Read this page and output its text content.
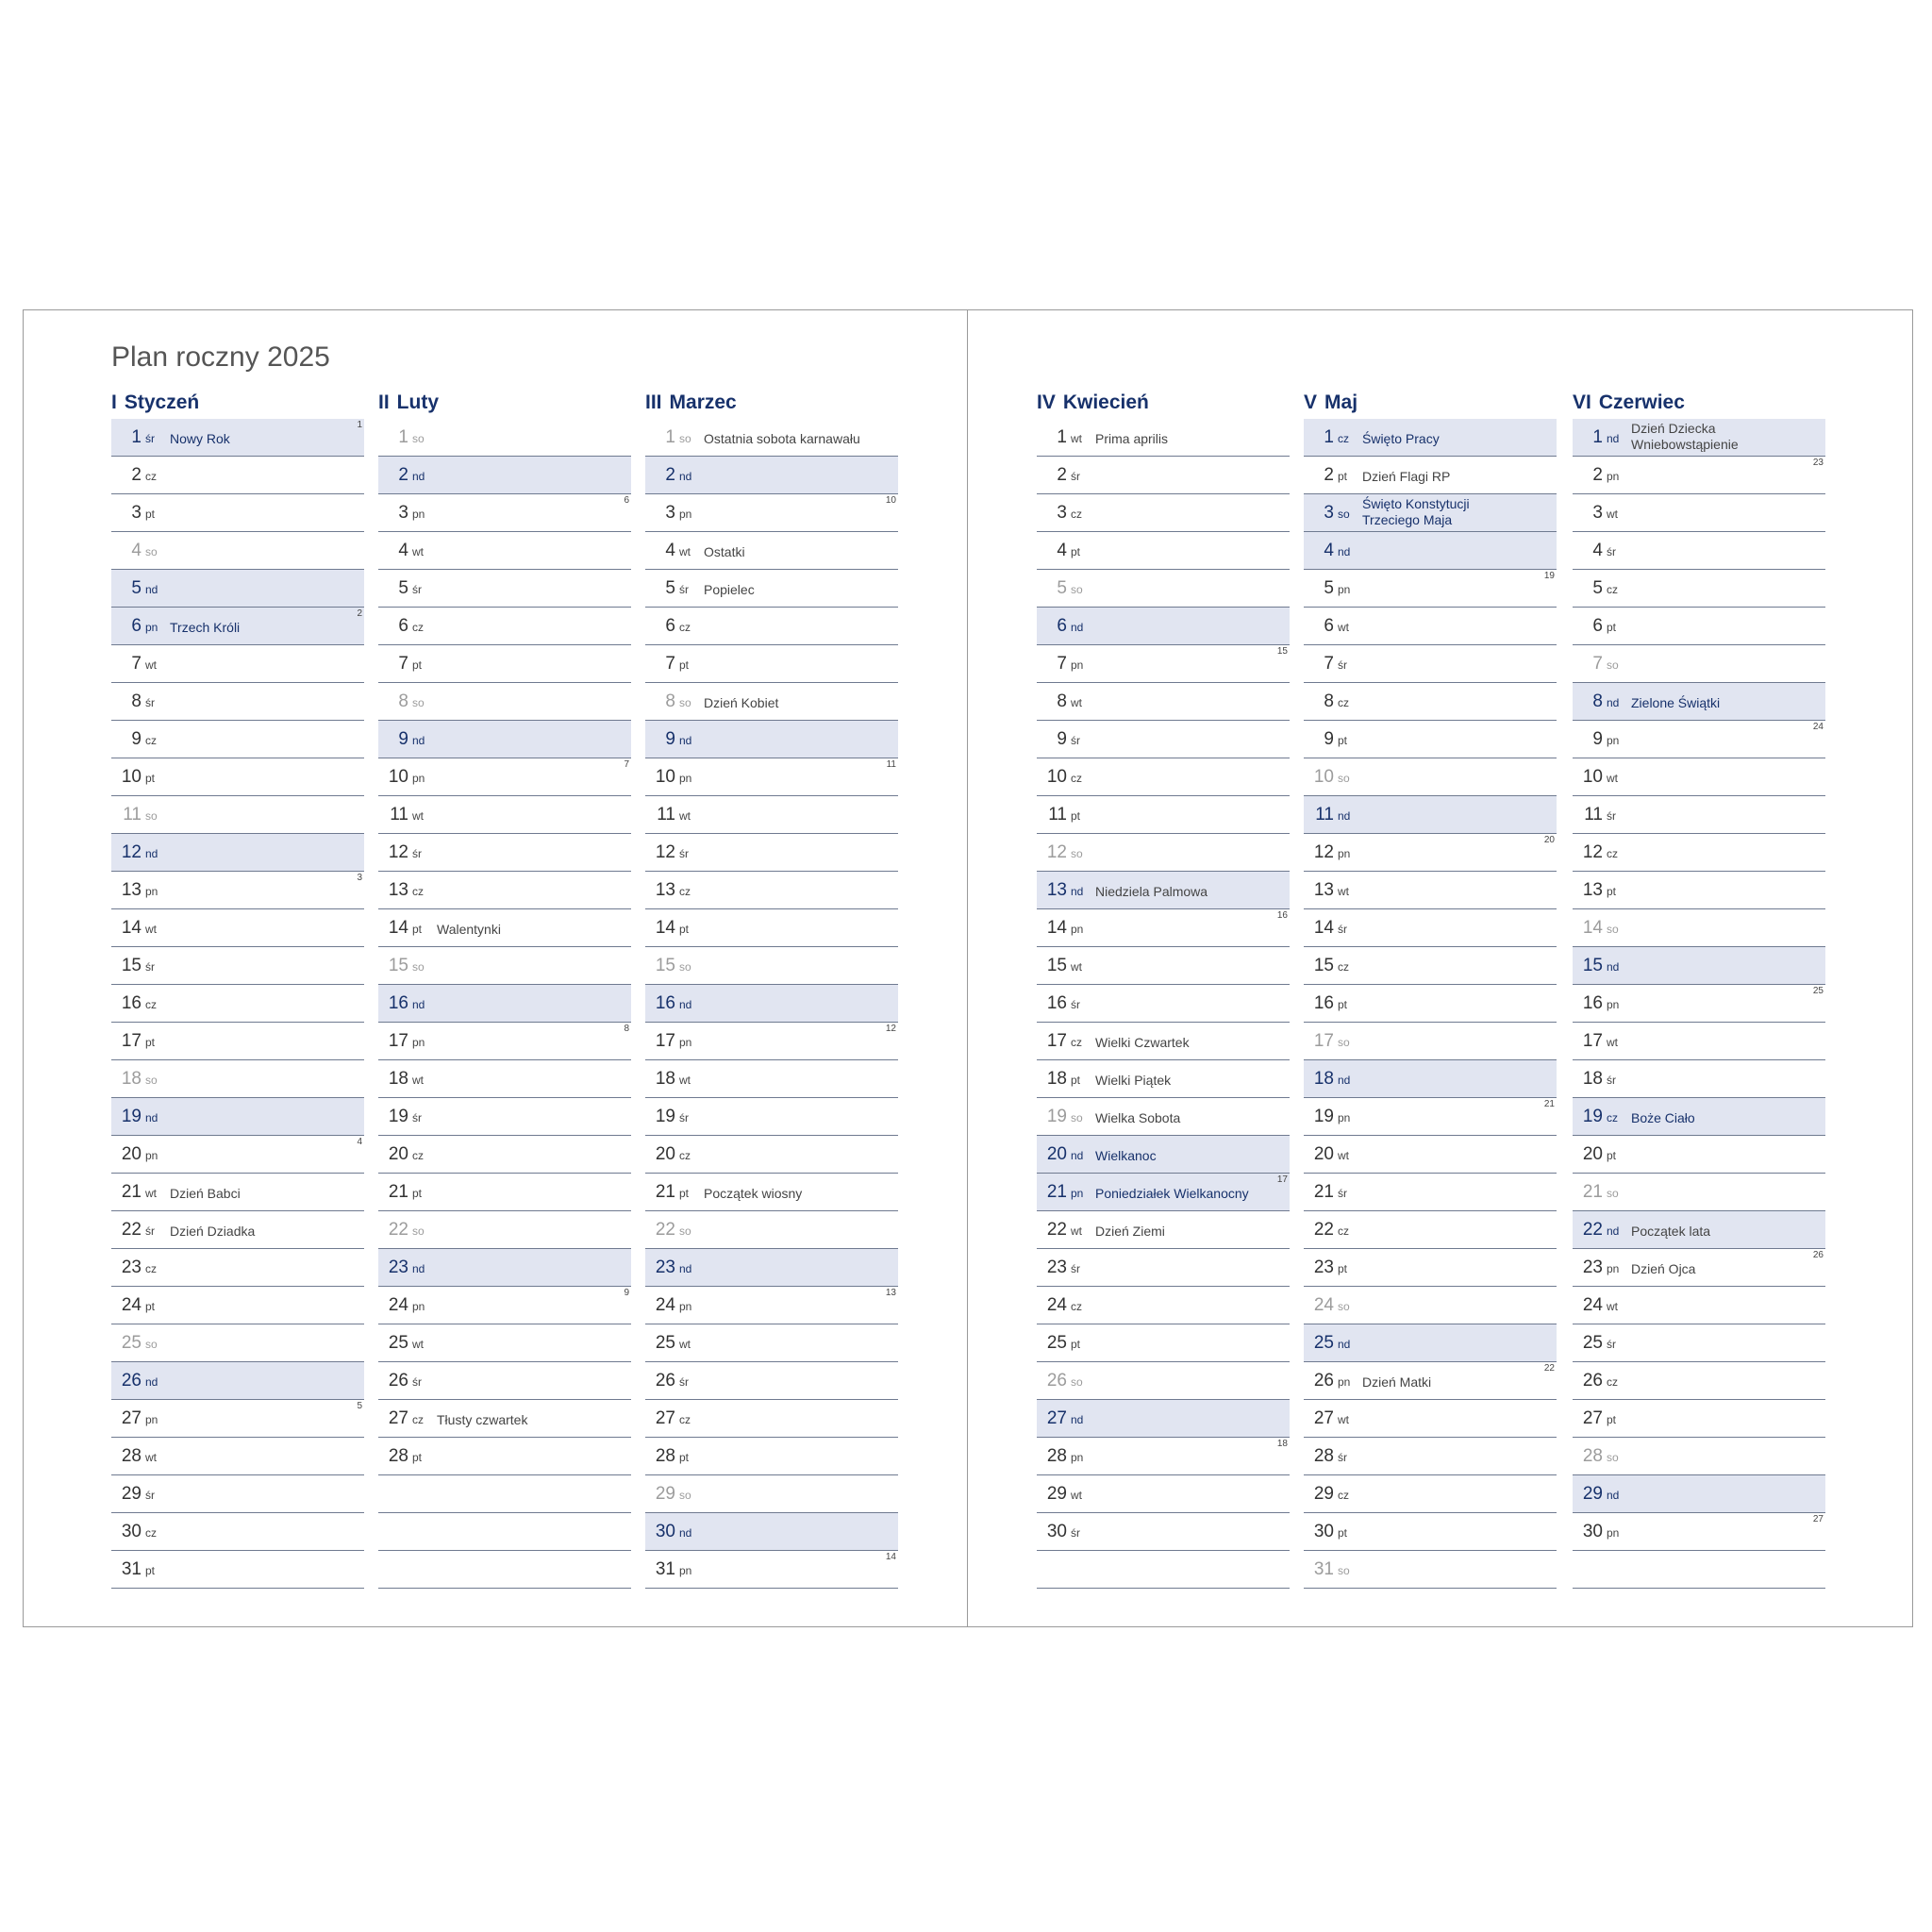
Plan roczny 2025
I Styczeń
1 śr Nowy Rok
1
2 cz
3 pt
4 so
5 nd
6 pn Trzech Króli
2
7 wt
8 śr
9 cz
10 pt
11 so
12 nd
13 pn
3
14 wt
15 śr
16 cz
17 pt
18 so
19 nd
20 pn
4
21 wt Dzień Babci
22 śr Dzień Dziadka
23 cz
24 pt
25 so
26 nd
27 pn
5
28 wt
29 śr
30 cz
31 pt
II Luty
1 so
2 nd
3 pn
6
4 wt
5 śr
6 cz
7 pt
8 so
9 nd
10 pn
7
11 wt
12 śr
13 cz
14 pt Walentynki
15 so
16 nd
17 pn
8
18 wt
19 śr
20 cz
21 pt
22 so
23 nd
24 pn
9
25 wt
26 śr
27 cz Tłusty czwartek
28 pt
III Marzec
1 so Ostatnia sobota karnawału
2 nd
3 pn
10
4 wt Ostatki
5 śr Popielec
6 cz
7 pt
8 so Dzień Kobiet
9 nd
10 pn
11
11 wt
12 śr
13 cz
14 pt
15 so
16 nd
17 pn
12
18 wt
19 śr
20 cz
21 pt Początek wiosny
22 so
23 nd
24 pn
13
25 wt
26 śr
27 cz
28 pt
29 so
30 nd
31 pn
14
IV Kwiecień
1 wt Prima aprilis
2 śr
3 cz
4 pt
5 so
6 nd
7 pn
15
8 wt
9 śr
10 cz
11 pt
12 so
13 nd Niedziela Palmowa
14 pn
16
15 wt
16 śr
17 cz Wielki Czwartek
18 pt Wielki Piątek
19 so Wielka Sobota
20 nd Wielkanoc
21 pn Poniedziałek Wielkanocny
17
22 wt Dzień Ziemi
23 śr
24 cz
25 pt
26 so
27 nd
28 pn
18
29 wt
30 śr
V Maj
1 cz Święto Pracy
2 pt Dzień Flagi RP
3 so
Święto Konstytucji
Trzeciego Maja
4 nd
5 pn
19
6 wt
7 śr
8 cz
9 pt
10 so
11 nd
12 pn
20
13 wt
14 śr
15 cz
16 pt
17 so
18 nd
19 pn
21
20 wt
21 śr
22 cz
23 pt
24 so
25 nd
26 pn Dzień Matki
22
27 wt
28 śr
29 cz
30 pt
31 so
VI Czerwiec
1 nd
Dzień Dziecka
Wniebowstąpienie
2 pn
23
3 wt
4 śr
5 cz
6 pt
7 so
8 nd Zielone Świątki
9 pn
24
10 wt
11 śr
12 cz
13 pt
14 so
15 nd
16 pn
25
17 wt
18 śr
19 cz Boże Ciało
20 pt
21 so
22 nd Początek lata
23 pn Dzień Ojca
26
24 wt
25 śr
26 cz
27 pt
28 so
29 nd
30 pn
27
